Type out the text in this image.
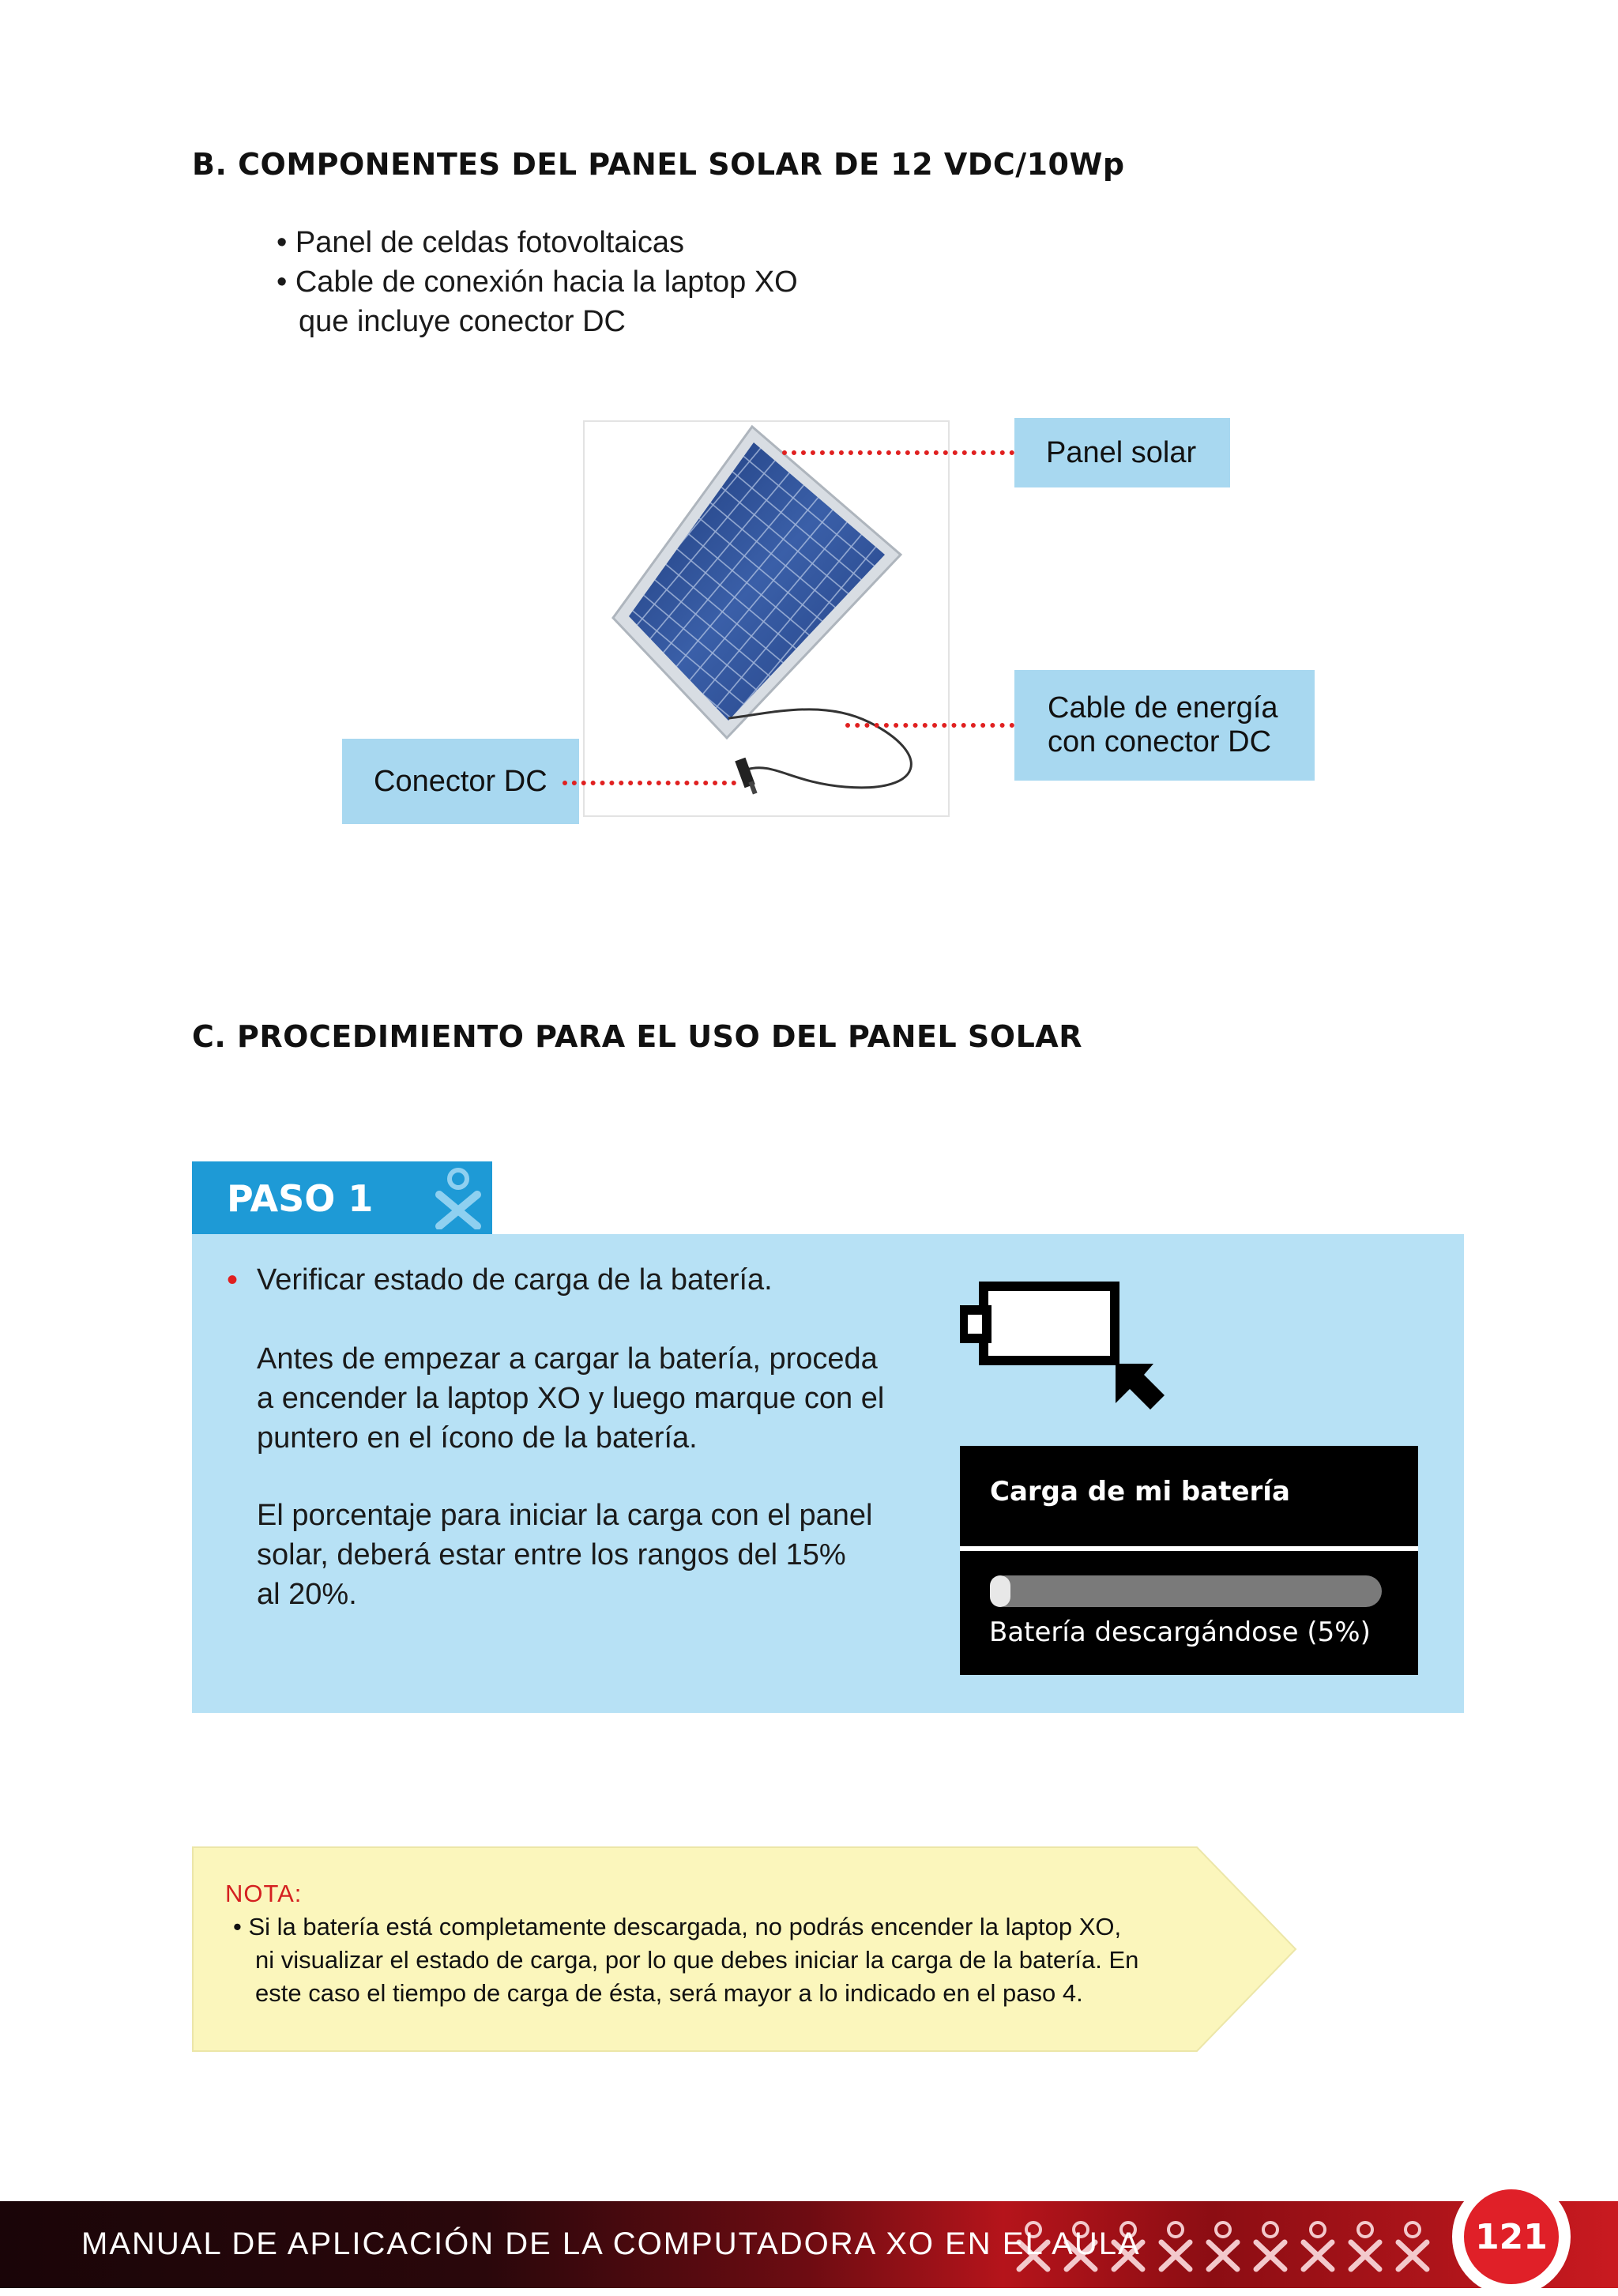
B. COMPONENTES DEL PANEL SOLAR DE 12 VDC/10Wp
• Panel de celdas fotovoltaicas
• Cable de conexión hacia la laptop XO
que incluye conector DC
Panel solar
Cable de energía
con conector DC
Conector DC
C. PROCEDIMIENTO PARA EL USO DEL PANEL SOLAR
PASO 1
• Verificar estado de carga de la batería.
Antes de empezar a cargar la batería, proceda
a encender la laptop XO y luego marque con el
puntero en el ícono de la batería.
El porcentaje para iniciar la carga con el panel
solar, deberá estar entre los rangos del 15%
al 20%.
Carga de mi batería
Batería descargándose (5%)
NOTA:
• Si la batería está completamente descargada, no podrás encender la laptop XO,
ni visualizar el estado de carga, por lo que debes iniciar la carga de la batería. En
este caso el tiempo de carga de ésta, será mayor a lo indicado en el paso 4.
MANUAL DE APLICACIÓN DE LA COMPUTADORA XO EN EL AULA	121
